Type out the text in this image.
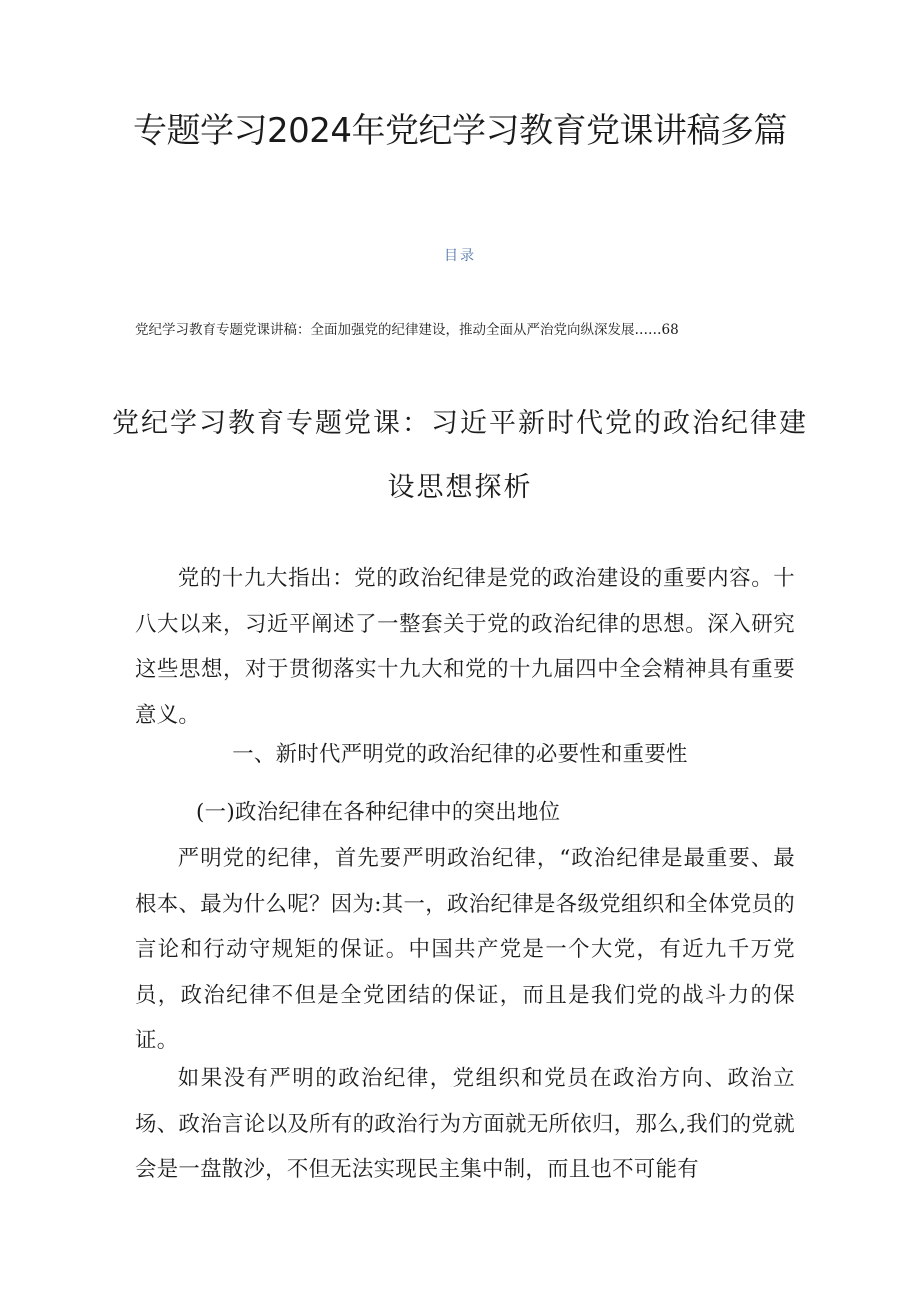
专题学习2024年党纪学习教育党课讲稿多篇
目录
党纪学习教育专题党课讲稿：全面加强党的纪律建设，推动全面从严治党向纵深发展……68
党纪学习教育专题党课：习近平新时代党的政治纪律建设思想探析
党的十九大指出：党的政治纪律是党的政治建设的重要内容。十八大以来，习近平阐述了一整套关于党的政治纪律的思想。深入研究这些思想，对于贯彻落实十九大和党的十九届四中全会精神具有重要意义。
一、新时代严明党的政治纪律的必要性和重要性
(一)政治纪律在各种纪律中的突出地位
严明党的纪律，首先要严明政治纪律，“政治纪律是最重要、最根本、最为什么呢？因为:其一，政治纪律是各级党组织和全体党员的言论和行动守规矩的保证。中国共产党是一个大党，有近九千万党员，政治纪律不但是全党团结的保证，而且是我们党的战斗力的保证。
如果没有严明的政治纪律，党组织和党员在政治方向、政治立场、政治言论以及所有的政治行为方面就无所依归，那么,我们的党就会是一盘散沙，不但无法实现民主集中制，而且也不可能有
